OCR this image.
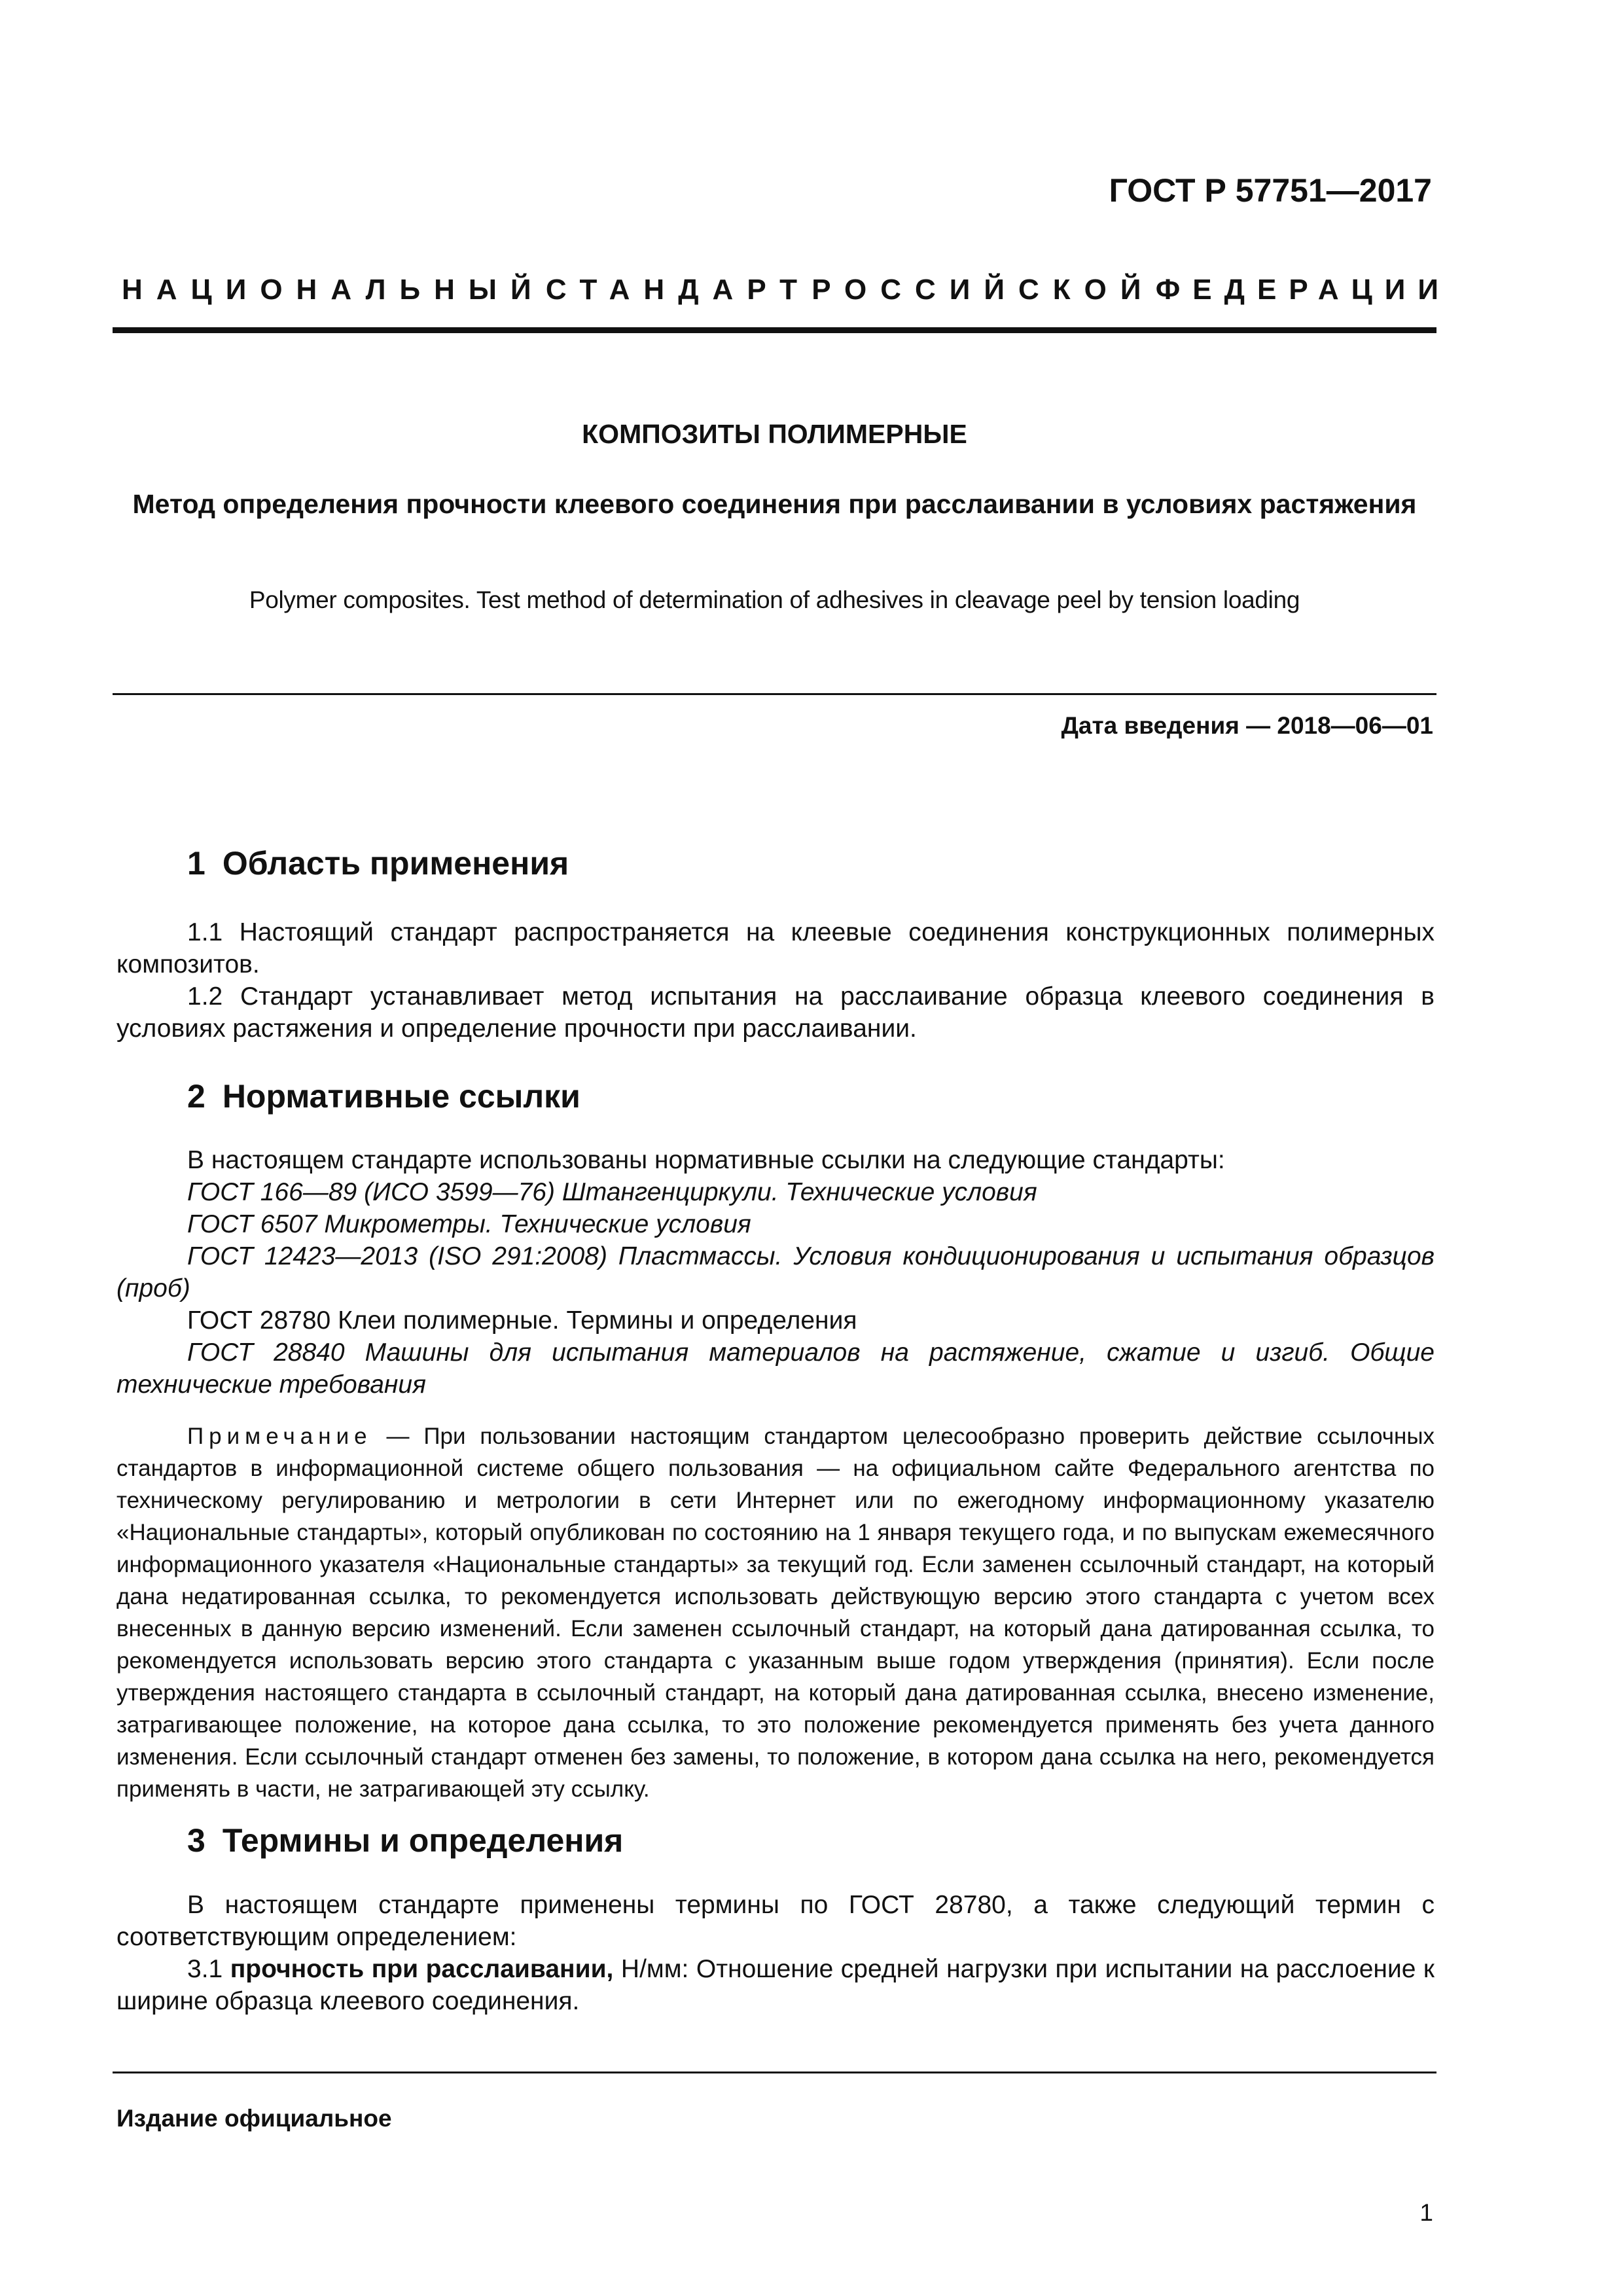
ГОСТ Р 57751—2017
НАЦИОНАЛЬНЫЙ СТАНДАРТ РОССИЙСКОЙ ФЕДЕРАЦИИ
КОМПОЗИТЫ ПОЛИМЕРНЫЕ
Метод определения прочности клеевого соединения при расслаивании в условиях растяжения
Polymer composites. Test method of determination of adhesives in cleavage peel by tension loading
Дата введения — 2018—06—01
1 Область применения

1.1 Настоящий стандарт распространяется на клеевые соединения конструкционных полимерных композитов.

1.2 Стандарт устанавливает метод испытания на расслаивание образца клеевого соединения в условиях растяжения и определение прочности при расслаивании.

2 Нормативные ссылки

В настоящем стандарте использованы нормативные ссылки на следующие стандарты:

ГОСТ 166—89 (ИСО 3599—76) Штангенциркули. Технические условия

ГОСТ 6507 Микрометры. Технические условия

ГОСТ 12423—2013 (ISO 291:2008) Пластмассы. Условия кондиционирования и испытания образцов (проб)

ГОСТ 28780 Клеи полимерные. Термины и определения

ГОСТ 28840 Машины для испытания материалов на растяжение, сжатие и изгиб. Общие технические требования

Примечание — При пользовании настоящим стандартом целесообразно проверить действие ссылочных стандартов в информационной системе общего пользования — на официальном сайте Федерального агентства по техническому регулированию и метрологии в сети Интернет или по ежегодному информационному указателю «Национальные стандарты», который опубликован по состоянию на 1 января текущего года, и по выпускам ежемесячного информационного указателя «Национальные стандарты» за текущий год. Если заменен ссылочный стандарт, на который дана недатированная ссылка, то рекомендуется использовать действующую версию этого стандарта с учетом всех внесенных в данную версию изменений. Если заменен ссылочный стандарт, на который дана датированная ссылка, то рекомендуется использовать версию этого стандарта с указанным выше годом утверждения (принятия). Если после утверждения настоящего стандарта в ссылочный стандарт, на который дана датированная ссылка, внесено изменение, затрагивающее положение, на которое дана ссылка, то это положение рекомендуется применять без учета данного изменения. Если ссылочный стандарт отменен без замены, то положение, в котором дана ссылка на него, рекомендуется применять в части, не затрагивающей эту ссылку.

3 Термины и определения

В настоящем стандарте применены термины по ГОСТ 28780, а также следующий термин с соответствующим определением:

3.1 прочность при расслаивании, Н/мм: Отношение средней нагрузки при испытании на расслоение к ширине образца клеевого соединения.

Издание официальное
1
